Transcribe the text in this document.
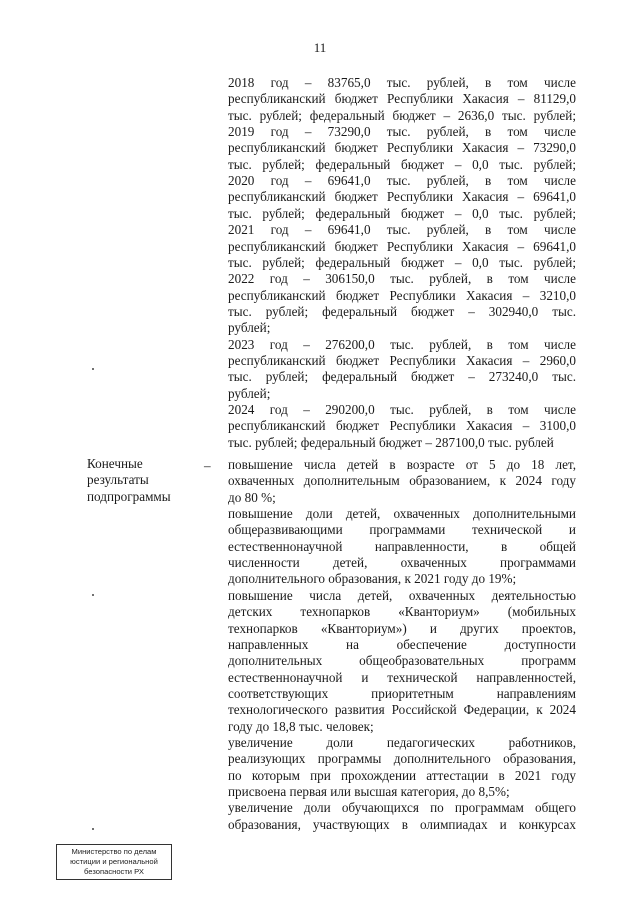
11
2018 год – 83765,0 тыс. рублей, в том числе
республиканский бюджет Республики Хакасия – 81129,0
тыс. рублей; федеральный бюджет – 2636,0 тыс. рублей;
2019 год – 73290,0 тыс. рублей, в том числе
республиканский бюджет Республики Хакасия – 73290,0
тыс. рублей; федеральный бюджет – 0,0 тыс. рублей;
2020 год – 69641,0 тыс. рублей, в том числе
республиканский бюджет Республики Хакасия – 69641,0
тыс. рублей; федеральный бюджет – 0,0 тыс. рублей;
2021 год – 69641,0 тыс. рублей, в том числе
республиканский бюджет Республики Хакасия – 69641,0
тыс. рублей; федеральный бюджет – 0,0 тыс. рублей;
2022 год – 306150,0 тыс. рублей, в том числе
республиканский бюджет Республики Хакасия – 3210,0
тыс. рублей; федеральный бюджет – 302940,0 тыс.
рублей;
2023 год – 276200,0 тыс. рублей, в том числе
республиканский бюджет Республики Хакасия – 2960,0
тыс. рублей; федеральный бюджет – 273240,0 тыс.
рублей;
2024 год – 290200,0 тыс. рублей, в том числе
республиканский бюджет Республики Хакасия – 3100,0
тыс. рублей; федеральный бюджет – 287100,0 тыс. рублей
Конечные
результаты
подпрограммы
– повышение числа детей в возрасте от 5 до 18 лет,
охваченных дополнительным образованием, к 2024 году
до 80 %;
повышение доли детей, охваченных дополнительными
общеразвивающими программами технической и
естественнонаучной направленности, в общей
численности детей, охваченных программами
дополнительного образования, к 2021 году до 19%;
повышение числа детей, охваченных деятельностью
детских технопарков «Кванториум» (мобильных
технопарков «Кванториум») и других проектов,
направленных на обеспечение доступности
дополнительных общеобразовательных программ
естественнонаучной и технической направленностей,
соответствующих приоритетным направлениям
технологического развития Российской Федерации, к 2024
году до 18,8 тыс. человек;
увеличение доли педагогических работников,
реализующих программы дополнительного образования,
по которым при прохождении аттестации в 2021 году
присвоена первая или высшая категория, до 8,5%;
увеличение доли обучающихся по программам общего
образования, участвующих в олимпиадах и конкурсах
Министерство по делам
юстиции и региональной
безопасности РХ
